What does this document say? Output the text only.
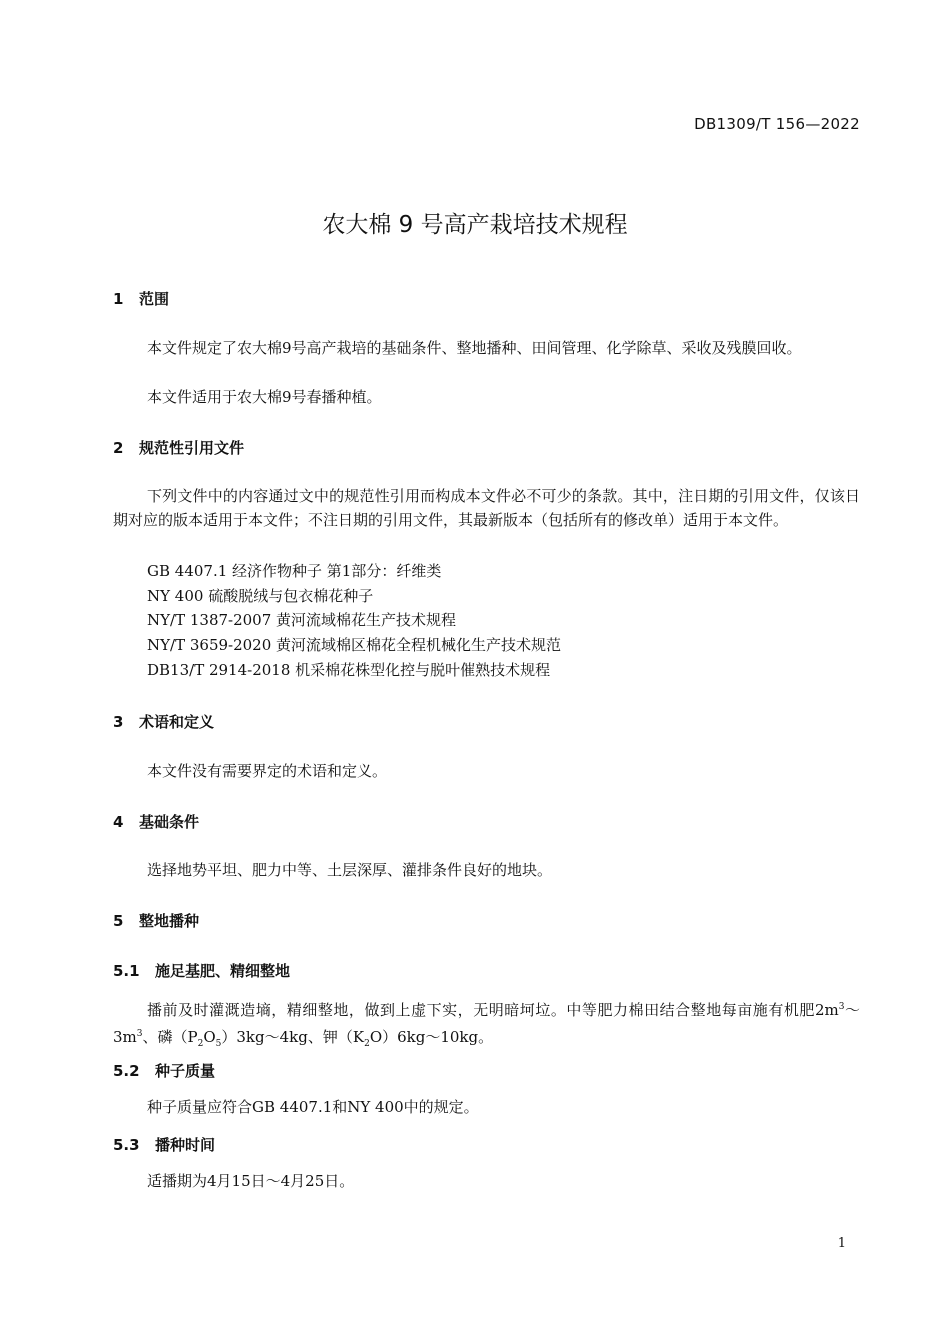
DB1309/T 156—2022
农大棉 9 号高产栽培技术规程
1 范围

本文件规定了农大棉9号高产栽培的基础条件、整地播种、田间管理、化学除草、采收及残膜回收。

本文件适用于农大棉9号春播种植。

2 规范性引用文件

下列文件中的内容通过文中的规范性引用而构成本文件必不可少的条款。其中，注日期的引用文件，仅该日期对应的版本适用于本文件；不注日期的引用文件，其最新版本（包括所有的修改单）适用于本文件。

GB 4407.1 经济作物种子 第1部分：纤维类
NY 400 硫酸脱绒与包衣棉花种子
NY/T 1387-2007 黄河流域棉花生产技术规程
NY/T 3659-2020 黄河流域棉区棉花全程机械化生产技术规范
DB13/T 2914-2018 机采棉花株型化控与脱叶催熟技术规程
3 术语和定义

本文件没有需要界定的术语和定义。

4 基础条件

选择地势平坦、肥力中等、土层深厚、灌排条件良好的地块。

5 整地播种
5.1 施足基肥、精细整地

播前及时灌溉造墒，精细整地，做到上虚下实，无明暗坷垃。中等肥力棉田结合整地每亩施有机肥$2m^3\sim 3m^3$、磷$(P_2O_5)3kg\sim 4kg$、钾$(K_2O)6kg\sim 10kg$。

5.2 种子质量

种子质量应符合GB 4407.1和NY 400中的规定。

5.3 播种时间

适播期为4月15日～4月25日。

1
